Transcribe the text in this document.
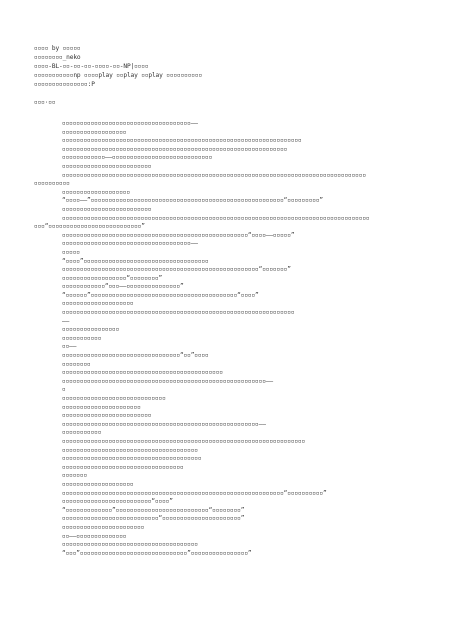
▫▫▫▫ by ▫▫▫▫▫
▫▫▫▫▫▫▫▫_neko
▫▫▫▫-BL-▫▫-▫▫-▫▫-▫▫▫▫-▫▫-NP|▫▫▫▫
▫▫▫▫▫▫▫▫▫▫▫np ▫▫▫▫play ▫▫play ▫▫play ▫▫▫▫▫▫▫▫▫▫
▫▫▫▫▫▫▫▫▫▫▫▫▫▫▫:P
▫▫▫·▫▫
▫▫▫▫▫▫▫▫▫▫▫▫▫▫▫▫▫▫▫▫▫▫▫▫▫▫▫▫▫▫▫▫▫▫▫▫——
▫▫▫▫▫▫▫▫▫▫▫▫▫▫▫▫▫▫
▫▫▫▫▫▫▫▫▫▫▫▫▫▫▫▫▫▫▫▫▫▫▫▫▫▫▫▫▫▫▫▫▫▫▫▫▫▫▫▫▫▫▫▫▫▫▫▫▫▫▫▫▫▫▫▫▫▫▫▫▫▫▫▫▫▫▫
▫▫▫▫▫▫▫▫▫▫▫▫▫▫▫▫▫▫▫▫▫▫▫▫▫▫▫▫▫▫▫▫▫▫▫▫▫▫▫▫▫▫▫▫▫▫▫▫▫▫▫▫▫▫▫▫▫▫▫▫▫▫▫
▫▫▫▫▫▫▫▫▫▫▫▫——▫▫▫▫▫▫▫▫▫▫▫▫▫▫▫▫▫▫▫▫▫▫▫▫▫▫▫▫
▫▫▫▫▫▫▫▫▫▫▫▫▫▫▫▫▫▫▫▫▫▫▫▫▫
▫▫▫▫▫▫▫▫▫▫▫▫▫▫▫▫▫▫▫▫▫▫▫▫▫▫▫▫▫▫▫▫▫▫▫▫▫▫▫▫▫▫▫▫▫▫▫▫▫▫▫▫▫▫▫▫▫▫▫▫▫▫▫▫▫▫▫▫▫▫▫▫▫▫▫▫▫▫▫▫▫▫▫▫▫
▫▫▫▫▫▫▫▫▫▫
▫▫▫▫▫▫▫▫▫▫▫▫▫▫▫▫▫▫▫
“▫▫▫▫——”▫▫▫▫▫▫▫▫▫▫▫▫▫▫▫▫▫▫▫▫▫▫▫▫▫▫▫▫▫▫▫▫▫▫▫▫▫▫▫▫▫▫▫▫▫▫▫▫▫▫▫▫▫▫“▫▫▫▫▫▫▫▫▫”
▫▫▫▫▫▫▫▫▫▫▫▫▫▫▫▫▫▫▫▫▫▫▫▫▫
▫▫▫▫▫▫▫▫▫▫▫▫▫▫▫▫▫▫▫▫▫▫▫▫▫▫▫▫▫▫▫▫▫▫▫▫▫▫▫▫▫▫▫▫▫▫▫▫▫▫▫▫▫▫▫▫▫▫▫▫▫▫▫▫▫▫▫▫▫▫▫▫▫▫▫▫▫▫▫▫▫▫▫▫▫▫
▫▫▫“▫▫▫▫▫▫▫▫▫▫▫▫▫▫▫▫▫▫▫▫▫▫▫▫▫▫”
▫▫▫▫▫▫▫▫▫▫▫▫▫▫▫▫▫▫▫▫▫▫▫▫▫▫▫▫▫▫▫▫▫▫▫▫▫▫▫▫▫▫▫▫▫▫▫▫▫▫▫▫“▫▫▫▫——▫▫▫▫▫”
▫▫▫▫▫▫▫▫▫▫▫▫▫▫▫▫▫▫▫▫▫▫▫▫▫▫▫▫▫▫▫▫▫▫▫▫——
▫▫▫▫▫
“▫▫▫▫”▫▫▫▫▫▫▫▫▫▫▫▫▫▫▫▫▫▫▫▫▫▫▫▫▫▫▫▫▫▫▫▫▫▫▫
▫▫▫▫▫▫▫▫▫▫▫▫▫▫▫▫▫▫▫▫▫▫▫▫▫▫▫▫▫▫▫▫▫▫▫▫▫▫▫▫▫▫▫▫▫▫▫▫▫▫▫▫▫▫▫“▫▫▫▫▫▫▫”
▫▫▫▫▫▫▫▫▫▫▫▫▫▫▫▫▫▫“▫▫▫▫▫▫▫▫”
▫▫▫▫▫▫▫▫▫▫▫▫“▫▫▫——▫▫▫▫▫▫▫▫▫▫▫▫▫▫▫”
“▫▫▫▫▫▫”▫▫▫▫▫▫▫▫▫▫▫▫▫▫▫▫▫▫▫▫▫▫▫▫▫▫▫▫▫▫▫▫▫▫▫▫▫▫▫▫▫“▫▫▫▫”
▫▫▫▫▫▫▫▫▫▫▫▫▫▫▫▫▫▫▫▫
▫▫▫▫▫▫▫▫▫▫▫▫▫▫▫▫▫▫▫▫▫▫▫▫▫▫▫▫▫▫▫▫▫▫▫▫▫▫▫▫▫▫▫▫▫▫▫▫▫▫▫▫▫▫▫▫▫▫▫▫▫▫▫▫▫
——
▫▫▫▫▫▫▫▫▫▫▫▫▫▫▫▫
▫▫▫▫▫▫▫▫▫▫▫
▫▫——
▫▫▫▫▫▫▫▫▫▫▫▫▫▫▫▫▫▫▫▫▫▫▫▫▫▫▫▫▫▫▫▫▫“▫▫”▫▫▫▫
▫▫▫▫▫▫▫▫
▫▫▫▫▫▫▫▫▫▫▫▫▫▫▫▫▫▫▫▫▫▫▫▫▫▫▫▫▫▫▫▫▫▫▫▫▫▫▫▫▫▫▫▫▫
▫▫▫▫▫▫▫▫▫▫▫▫▫▫▫▫▫▫▫▫▫▫▫▫▫▫▫▫▫▫▫▫▫▫▫▫▫▫▫▫▫▫▫▫▫▫▫▫▫▫▫▫▫▫▫▫▫——
▫
▫▫▫▫▫▫▫▫▫▫▫▫▫▫▫▫▫▫▫▫▫▫▫▫▫▫▫▫▫
▫▫▫▫▫▫▫▫▫▫▫▫▫▫▫▫▫▫▫▫▫▫
▫▫▫▫▫▫▫▫▫▫▫▫▫▫▫▫▫▫▫▫▫▫▫▫▫
▫▫▫▫▫▫▫▫▫▫▫▫▫▫▫▫▫▫▫▫▫▫▫▫▫▫▫▫▫▫▫▫▫▫▫▫▫▫▫▫▫▫▫▫▫▫▫▫▫▫▫▫▫▫▫——
▫▫▫▫▫▫▫▫▫▫▫
▫▫▫▫▫▫▫▫▫▫▫▫▫▫▫▫▫▫▫▫▫▫▫▫▫▫▫▫▫▫▫▫▫▫▫▫▫▫▫▫▫▫▫▫▫▫▫▫▫▫▫▫▫▫▫▫▫▫▫▫▫▫▫▫▫▫▫▫
▫▫▫▫▫▫▫▫▫▫▫▫▫▫▫▫▫▫▫▫▫▫▫▫▫▫▫▫▫▫▫▫▫▫▫▫▫▫
▫▫▫▫▫▫▫▫▫▫▫▫▫▫▫▫▫▫▫▫▫▫▫▫▫▫▫▫▫▫▫▫▫▫▫▫▫▫▫
▫▫▫▫▫▫▫▫▫▫▫▫▫▫▫▫▫▫▫▫▫▫▫▫▫▫▫▫▫▫▫▫▫▫
▫▫▫▫▫▫▫
▫▫▫▫▫▫▫▫▫▫▫▫▫▫▫▫▫▫▫▫
▫▫▫▫▫▫▫▫▫▫▫▫▫▫▫▫▫▫▫▫▫▫▫▫▫▫▫▫▫▫▫▫▫▫▫▫▫▫▫▫▫▫▫▫▫▫▫▫▫▫▫▫▫▫▫▫▫▫▫▫▫▫“▫▫▫▫▫▫▫▫▫▫”
▫▫▫▫▫▫▫▫▫▫▫▫▫▫▫▫▫▫▫▫▫▫▫▫▫“▫▫▫▫”
“▫▫▫▫▫▫▫▫▫▫▫▫▫”▫▫▫▫▫▫▫▫▫▫▫▫▫▫▫▫▫▫▫▫▫▫▫▫▫▫“▫▫▫▫▫▫▫▫”
▫▫▫▫▫▫▫▫▫▫▫▫▫▫▫▫▫▫▫▫▫▫▫▫▫▫▫“▫▫▫▫▫▫▫▫▫▫▫▫▫▫▫▫▫▫▫▫▫▫”
▫▫▫▫▫▫▫▫▫▫▫▫▫▫▫▫▫▫▫▫▫▫▫
▫▫——▫▫▫▫▫▫▫▫▫▫▫▫▫▫
▫▫▫▫▫▫▫▫▫▫▫▫▫▫▫▫▫▫▫▫▫▫▫▫▫▫▫▫▫▫▫▫▫▫▫▫▫▫
“▫▫▫”▫▫▫▫▫▫▫▫▫▫▫▫▫▫▫▫▫▫▫▫▫▫▫▫▫▫▫▫▫▫”▫▫▫▫▫▫▫▫▫▫▫▫▫▫▫▫”
